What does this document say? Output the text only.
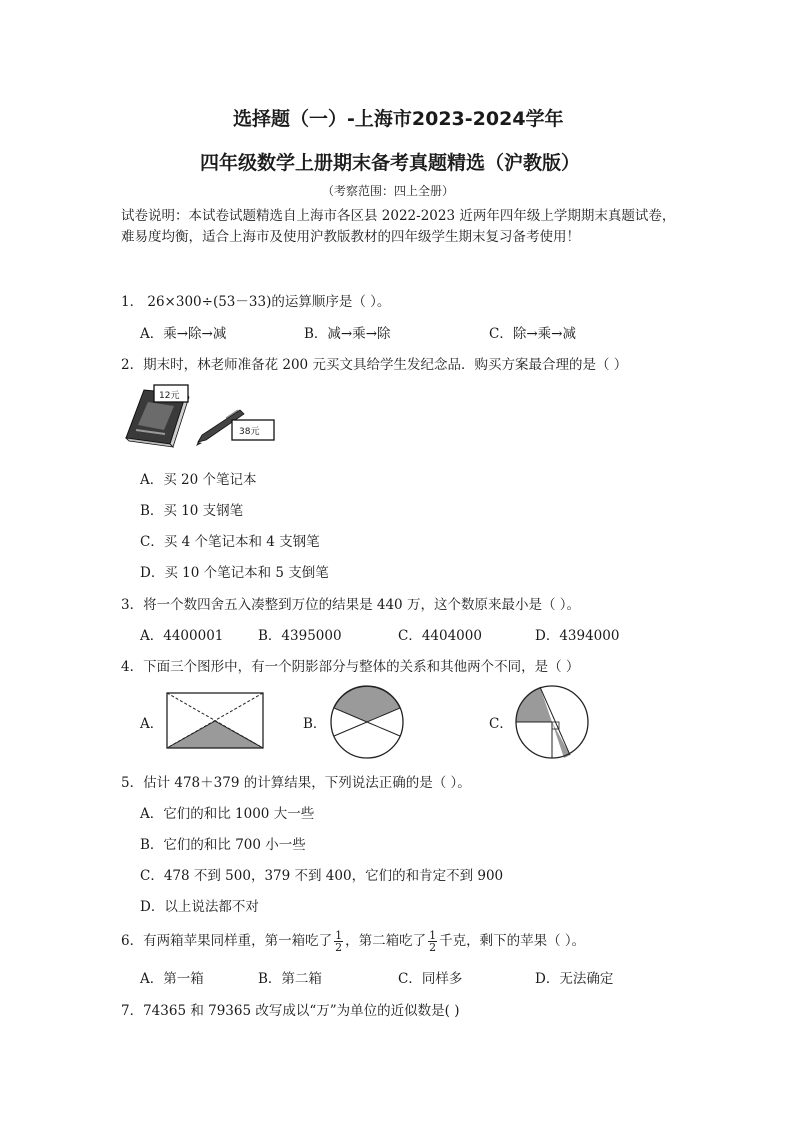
选择题（一）-上海市2023-2024学年
四年级数学上册期末备考真题精选（沪教版）
（考察范围：四上全册）
试卷说明：本试卷试题精选自上海市各区县 2022-2023 近两年四年级上学期期末真题试卷，
难易度均衡，适合上海市及使用沪教版教材的四年级学生期末复习备考使用！
1． 26×300÷(53－33)的运算顺序是（ ）。
A．乘→除→减	B．减→乘→除	C．除→乘→减
2．期末时，林老师准备花 200 元买文具给学生发纪念品．购买方案最合理的是（ ）
12元
38元
A．买 20 个笔记本
B．买 10 支钢笔
C．买 4 个笔记本和 4 支钢笔
D．买 10 个笔记本和 5 支倒笔
3．将一个数四舍五入凑整到万位的结果是 440 万，这个数原来最小是（ ）。
A．4400001	B．4395000	C．4404000	D．4394000
4．下面三个图形中，有一个阴影部分与整体的关系和其他两个不同，是（ ）
A．	B．	C．
5．估计 478＋379 的计算结果，下列说法正确的是（ ）。
A．它们的和比 1000 大一些
B．它们的和比 700 小一些
C．478 不到 500，379 不到 400，它们的和肯定不到 900
D．以上说法都不对
6．有两箱苹果同样重，第一箱吃了 $\frac{1}{2}$ ，第二箱吃了 $\frac{1}{2}$ 千克，剩下的苹果（ ）。
A．第一箱	B．第二箱	C．同样多	D．无法确定
7．74365 和 79365 改写成以“万”为单位的近似数是( )
